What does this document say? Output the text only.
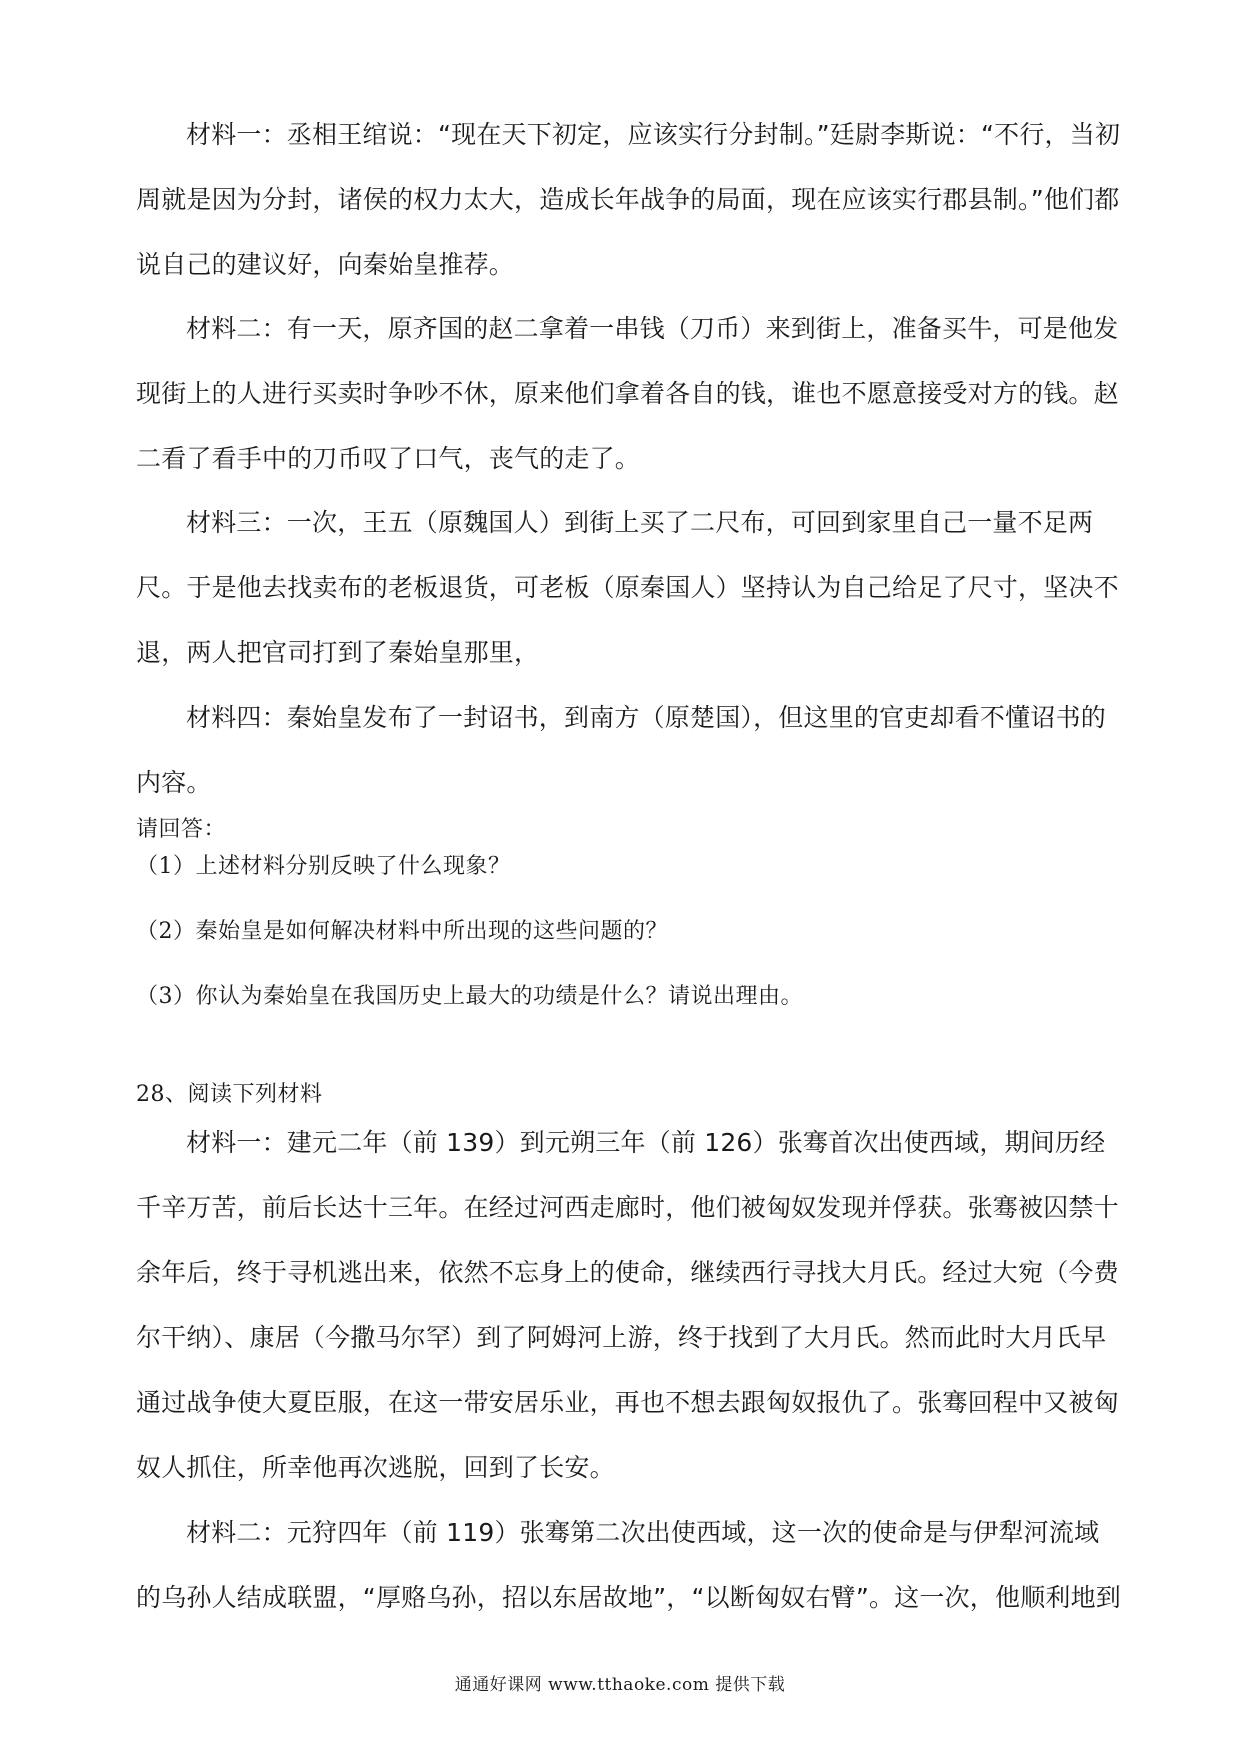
材料一：丞相王绾说：“现在天下初定，应该实行分封制。”廷尉李斯说：“不行，当初周就是因为分封，诸侯的权力太大，造成长年战争的局面，现在应该实行郡县制。”他们都说自己的建议好，向秦始皇推荐。

材料二：有一天，原齐国的赵二拿着一串钱（刀币）来到街上，准备买牛，可是他发现街上的人进行买卖时争吵不休，原来他们拿着各自的钱，谁也不愿意接受对方的钱。赵二看了看手中的刀币叹了口气，丧气的走了。

材料三：一次，王五（原魏国人）到街上买了二尺布，可回到家里自己一量不足两尺。于是他去找卖布的老板退货，可老板（原秦国人）坚持认为自己给足了尺寸，坚决不退，两人把官司打到了秦始皇那里，

材料四：秦始皇发布了一封诏书，到南方（原楚国），但这里的官吏却看不懂诏书的内容。

请回答：

（1）上述材料分别反映了什么现象？
（2）秦始皇是如何解决材料中所出现的这些问题的？
（3）你认为秦始皇在我国历史上最大的功绩是什么？请说出理由。

28、阅读下列材料

材料一：建元二年（前 139）到元朔三年（前 126）张骞首次出使西域，期间历经千辛万苦，前后长达十三年。在经过河西走廊时，他们被匈奴发现并俘获。张骞被囚禁十余年后，终于寻机逃出来，依然不忘身上的使命，继续西行寻找大月氏。经过大宛（今费尔干纳）、康居（今撒马尔罕）到了阿姆河上游，终于找到了大月氏。然而此时大月氏早通过战争使大夏臣服，在这一带安居乐业，再也不想去跟匈奴报仇了。张骞回程中又被匈奴人抓住，所幸他再次逃脱，回到了长安。

材料二：元狩四年（前 119）张骞第二次出使西域，这一次的使命是与伊犁河流域的乌孙人结成联盟，“厚赂乌孙，招以东居故地”，“以断匈奴右臂”。这一次，他顺利地到

通通好课网 www.tthaoke.com 提供下载
